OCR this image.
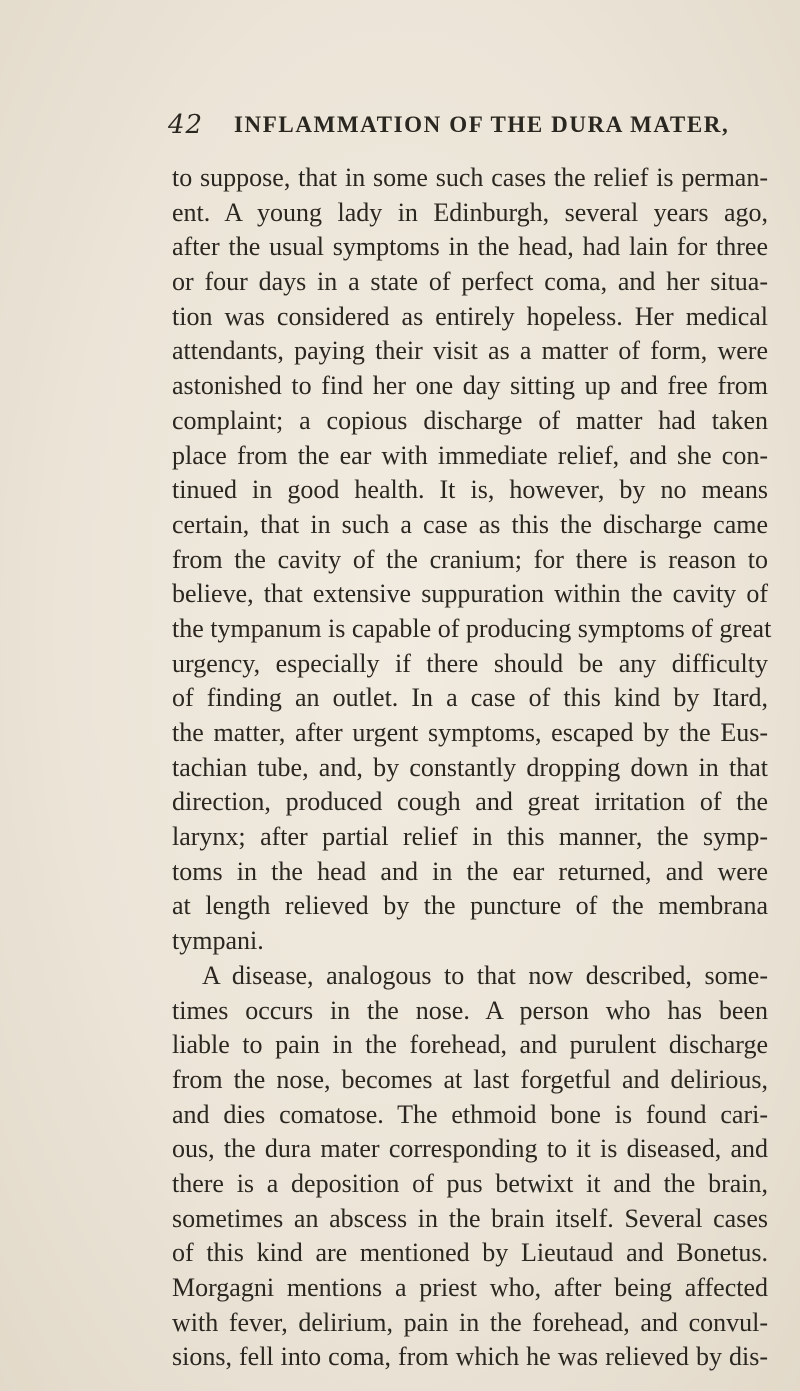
42 INFLAMMATION OF THE DURA MATER,
to suppose, that in some such cases the relief is perman-
ent. A young lady in Edinburgh, several years ago,
after the usual symptoms in the head, had lain for three
or four days in a state of perfect coma, and her situa-
tion was considered as entirely hopeless. Her medical
attendants, paying their visit as a matter of form, were
astonished to find her one day sitting up and free from
complaint; a copious discharge of matter had taken
place from the ear with immediate relief, and she con-
tinued in good health. It is, however, by no means
certain, that in such a case as this the discharge came
from the cavity of the cranium; for there is reason to
believe, that extensive suppuration within the cavity of
the tympanum is capable of producing symptoms of great
urgency, especially if there should be any difficulty
of finding an outlet. In a case of this kind by Itard,
the matter, after urgent symptoms, escaped by the Eus-
tachian tube, and, by constantly dropping down in that
direction, produced cough and great irritation of the
larynx; after partial relief in this manner, the symp-
toms in the head and in the ear returned, and were
at length relieved by the puncture of the membrana
tympani.
A disease, analogous to that now described, some-
times occurs in the nose. A person who has been
liable to pain in the forehead, and purulent discharge
from the nose, becomes at last forgetful and delirious,
and dies comatose. The ethmoid bone is found cari-
ous, the dura mater corresponding to it is diseased, and
there is a deposition of pus betwixt it and the brain,
sometimes an abscess in the brain itself. Several cases
of this kind are mentioned by Lieutaud and Bonetus.
Morgagni mentions a priest who, after being affected
with fever, delirium, pain in the forehead, and convul-
sions, fell into coma, from which he was relieved by dis-
